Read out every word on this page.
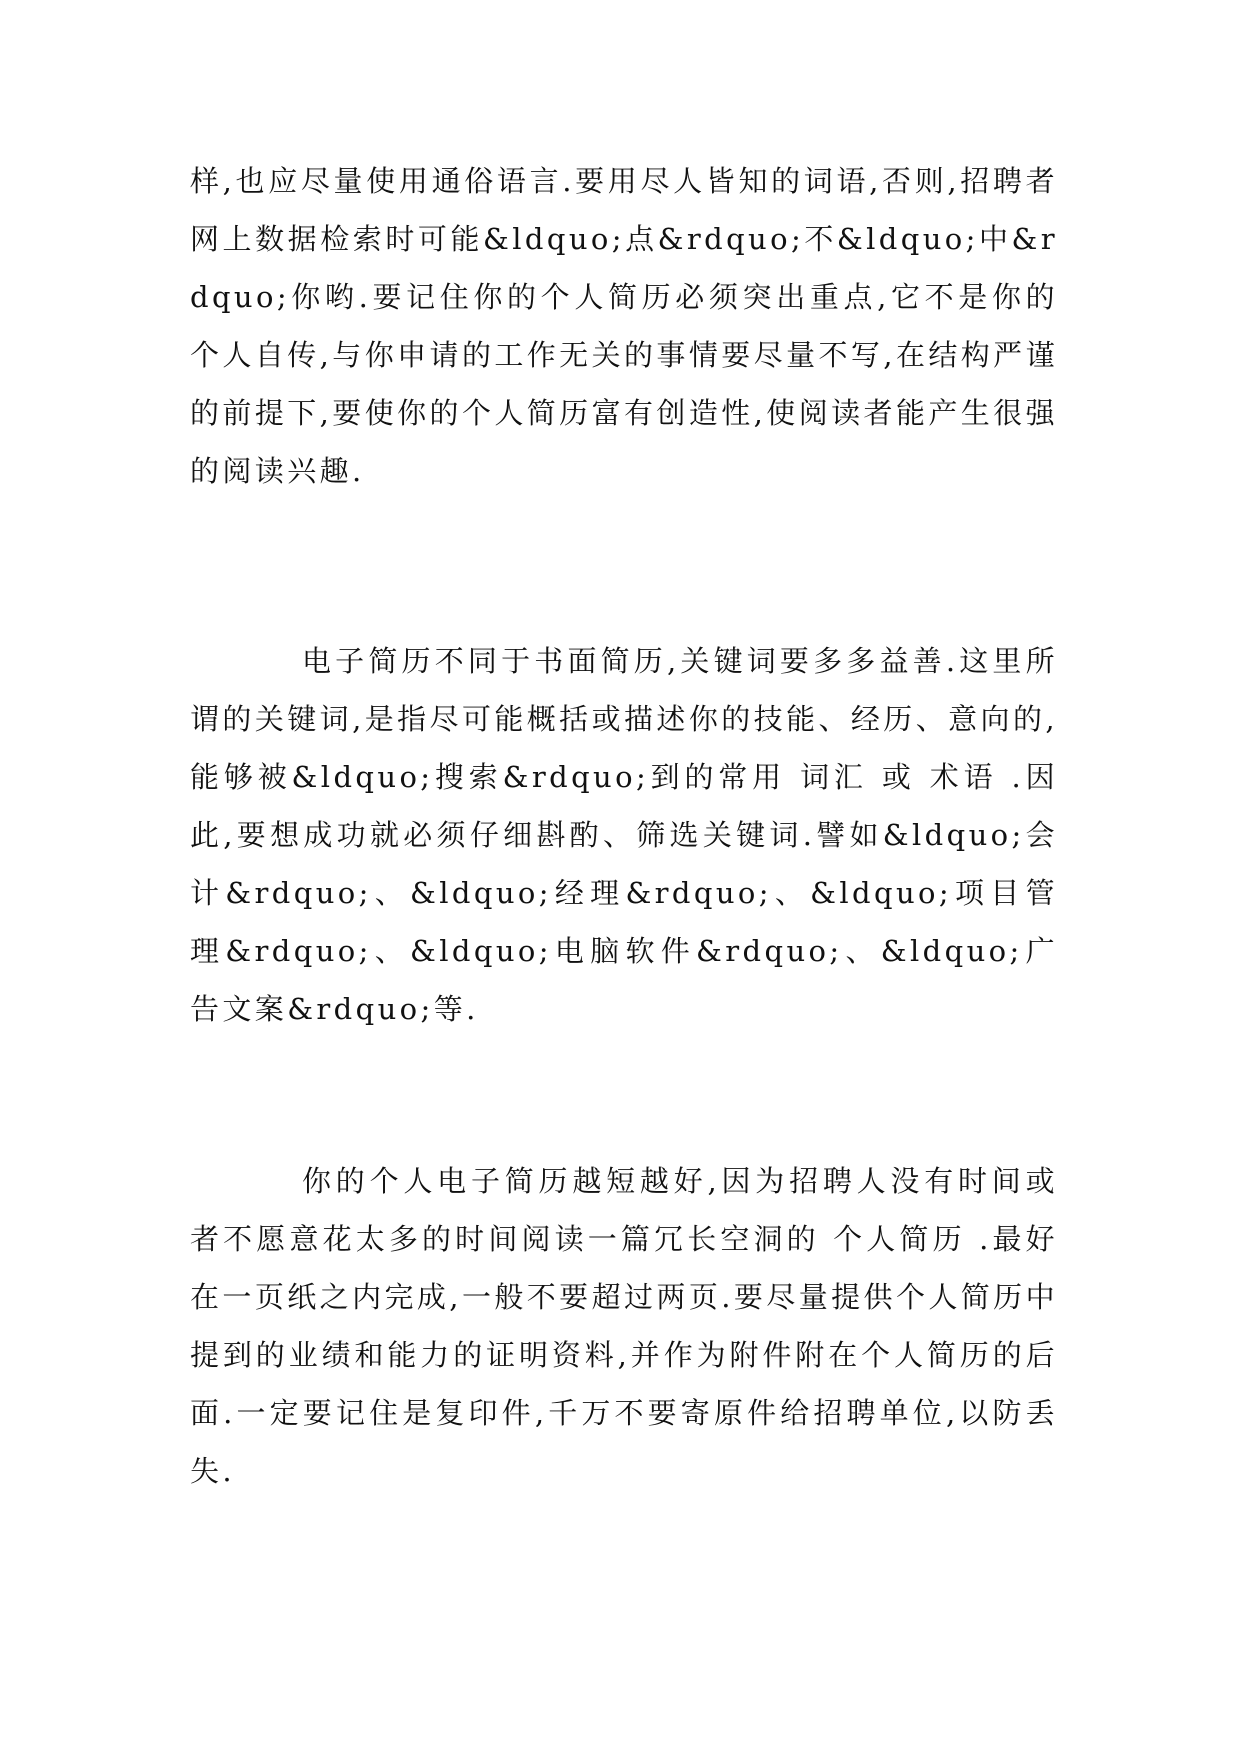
样,也应尽量使用通俗语言.要用尽人皆知的词语,否则,招聘者网上数据检索时可能&ldquo;点&rdquo;不&ldquo;中&rdquo;你哟.要记住你的个人简历必须突出重点,它不是你的个人自传,与你申请的工作无关的事情要尽量不写,在结构严谨的前提下,要使你的个人简历富有创造性,使阅读者能产生很强的阅读兴趣.

电子简历不同于书面简历,关键词要多多益善.这里所谓的关键词,是指尽可能概括或描述你的技能、经历、意向的,能够被&ldquo;搜索&rdquo;到的常用 词汇 或 术语 .因此,要想成功就必须仔细斟酌、筛选关键词.譬如&ldquo;会计&rdquo;、&ldquo;经理&rdquo;、&ldquo;项目管理&rdquo;、&ldquo;电脑软件&rdquo;、&ldquo;广告文案&rdquo;等.

你的个人电子简历越短越好,因为招聘人没有时间或者不愿意花太多的时间阅读一篇冗长空洞的 个人简历 .最好在一页纸之内完成,一般不要超过两页.要尽量提供个人简历中提到的业绩和能力的证明资料,并作为附件附在个人简历的后面.一定要记住是复印件,千万不要寄原件给招聘单位,以防丢失.
